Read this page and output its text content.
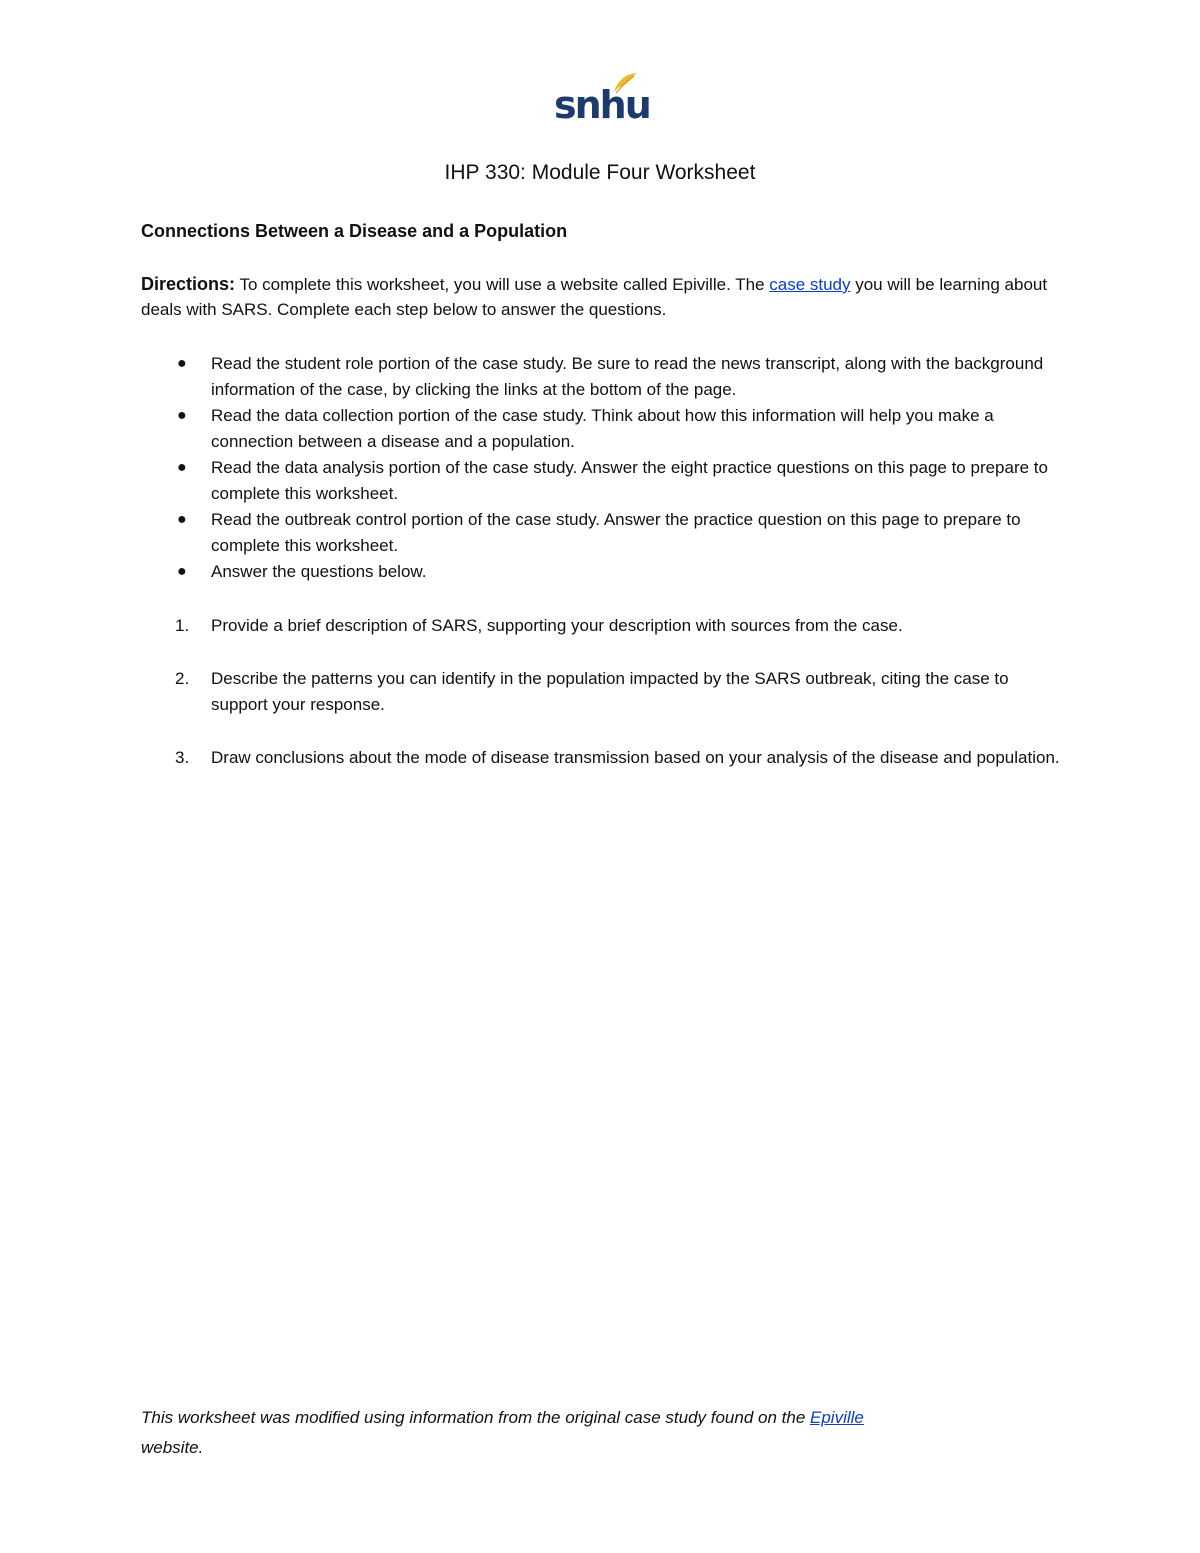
snhu
IHP 330: Module Four Worksheet
Connections Between a Disease and a Population

Directions: To complete this worksheet, you will use a website called Epiville. The case study you will be learning about deals with SARS. Complete each step below to answer the questions.

● Read the student role portion of the case study. Be sure to read the news transcript, along with the background information of the case, by clicking the links at the bottom of the page.
● Read the data collection portion of the case study. Think about how this information will help you make a connection between a disease and a population.
● Read the data analysis portion of the case study. Answer the eight practice questions on this page to prepare to complete this worksheet.
● Read the outbreak control portion of the case study. Answer the practice question on this page to prepare to complete this worksheet.
● Answer the questions below.
1. Provide a brief description of SARS, supporting your description with sources from the case.
2. Describe the patterns you can identify in the population impacted by the SARS outbreak, citing the case to support your response.
3. Draw conclusions about the mode of disease transmission based on your analysis of the disease and population.

This worksheet was modified using information from the original case study found on the Epiville
website.
